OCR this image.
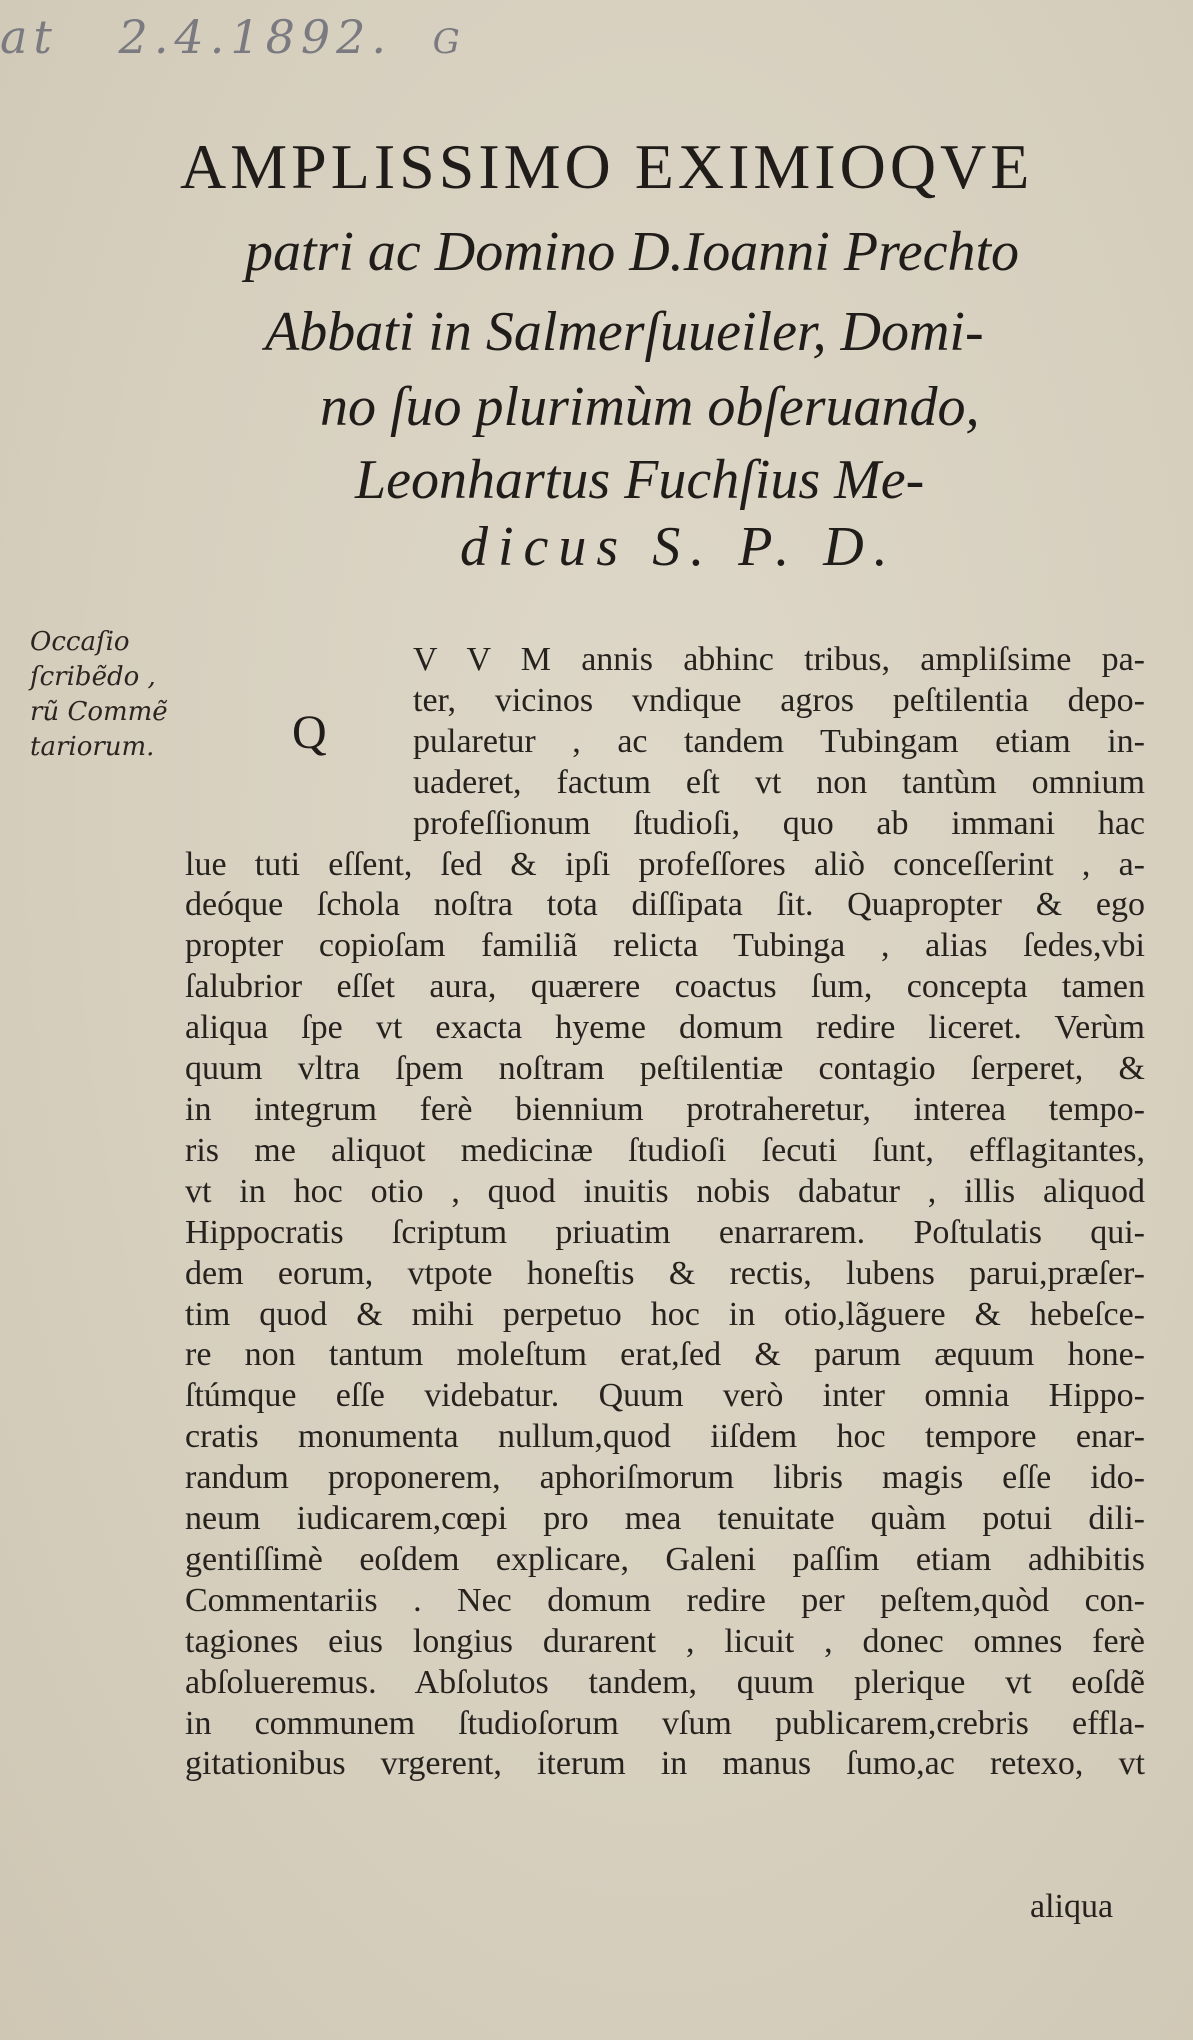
at 2.4.1892. G
AMPLISSIMO EXIMIOQVE
patri ac Domino D.Ioanni Prechto
Abbati in Salmerſuueiler, Domi-
no ſuo plurimùm obſeruando,
Leonhartus Fuchſius Me-
dicus S. P. D.
Occaſio
ſcribẽdo ,
rũ Commẽ
tariorum.	Q
V V M annis abhinc tribus, ampliſsime pa-
ter, vicinos vndique agros peſtilentia depo-
pularetur , ac tandem Tubingam etiam in-
uaderet, factum eſt vt non tantùm omnium
profeſſionum ſtudioſi, quo ab immani hac
lue tuti eſſent, ſed & ipſi profeſſores aliò conceſſerint , a-
deóque ſchola noſtra tota diſſipata ſit. Quapropter & ego
propter copioſam familiã relicta Tubinga , alias ſedes,vbi
ſalubrior eſſet aura, quærere coactus ſum, concepta tamen
aliqua ſpe vt exacta hyeme domum redire liceret. Verùm
quum vltra ſpem noſtram peſtilentiæ contagio ſerperet, &
in integrum ferè biennium protraheretur, interea tempo-
ris me aliquot medicinæ ſtudioſi ſecuti ſunt, efflagitantes,
vt in hoc otio , quod inuitis nobis dabatur , illis aliquod
Hippocratis ſcriptum priuatim enarrarem. Poſtulatis qui-
dem eorum, vtpote honeſtis & rectis, lubens parui,præſer-
tim quod & mihi perpetuo hoc in otio,lãguere & hebeſce-
re non tantum moleſtum erat,ſed & parum æquum hone-
ſtúmque eſſe videbatur. Quum verò inter omnia Hippo-
cratis monumenta nullum,quod iiſdem hoc tempore enar-
randum proponerem, aphoriſmorum libris magis eſſe ido-
neum iudicarem,cœpi pro mea tenuitate quàm potui dili-
gentiſſimè eoſdem explicare, Galeni paſſim etiam adhibitis
Commentariis . Nec domum redire per peſtem,quòd con-
tagiones eius longius durarent , licuit , donec omnes ferè
abſolueremus. Abſolutos tandem, quum plerique vt eoſdẽ
in communem ſtudioſorum vſum publicarem,crebris effla-
gitationibus vrgerent, iterum in manus ſumo,ac retexo, vt
aliqua
